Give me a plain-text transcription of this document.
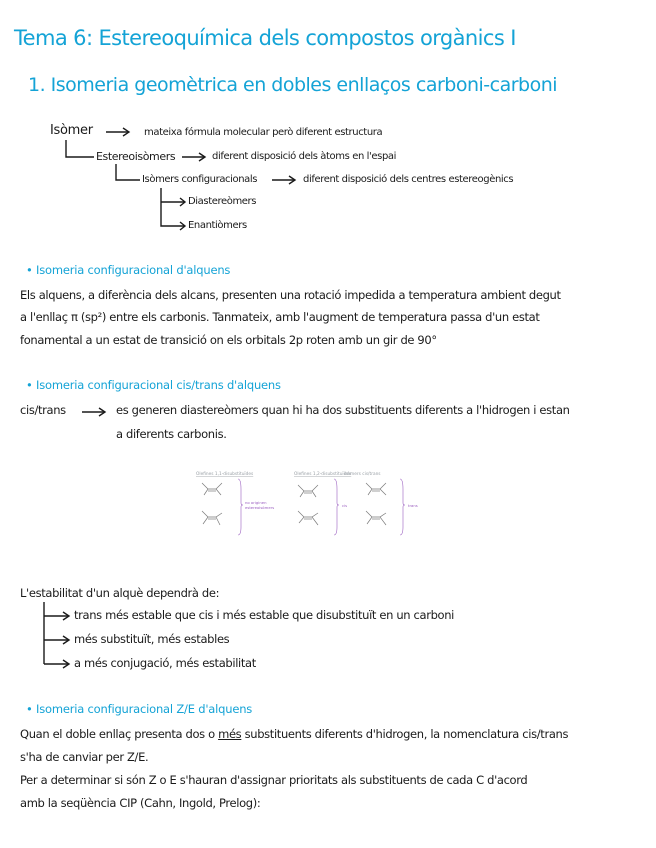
Tema 6: Estereoquímica dels compostos orgànics I
1. Isomeria geomètrica en dobles enllaços carboni-carboni
Isòmer	mateixa fórmula molecular però diferent estructura
Estereoisòmers	diferent disposició dels àtoms en l'espai
Isòmers configuracionals	diferent disposició dels centres estereogènics
Diastereòmers
Enantiòmers
• Isomeria configuracional d'alquens
Els alquens, a diferència dels alcans, presenten una rotació impedida a temperatura ambient degut
a l'enllaç π (sp²) entre els carbonis. Tanmateix, amb l'augment de temperatura passa d'un estat
fonamental a un estat de transició on els orbitals 2p roten amb un gir de 90°
• Isomeria configuracional cis/trans d'alquens
cis/trans	es generen diastereòmers quan hi ha dos substituents diferents a l'hidrogen i estan
a diferents carbonis.
Olefines 1,1-disubstituïdes	Olefines 1,2-disubstituïdes
isòmers cis/trans
no originen
estereoisòmers	cis	trans
L'estabilitat d'un alquè dependrà de:
trans més estable que cis i més estable que disubstituït en un carboni
més substituït, més estables
a més conjugació, més estabilitat
• Isomeria configuracional Z/E d'alquens
Quan el doble enllaç presenta dos o més substituents diferents d'hidrogen, la nomenclatura cis/trans
s'ha de canviar per Z/E.
Per a determinar si són Z o E s'hauran d'assignar prioritats als substituents de cada C d'acord
amb la seqüència CIP (Cahn, Ingold, Prelog):
